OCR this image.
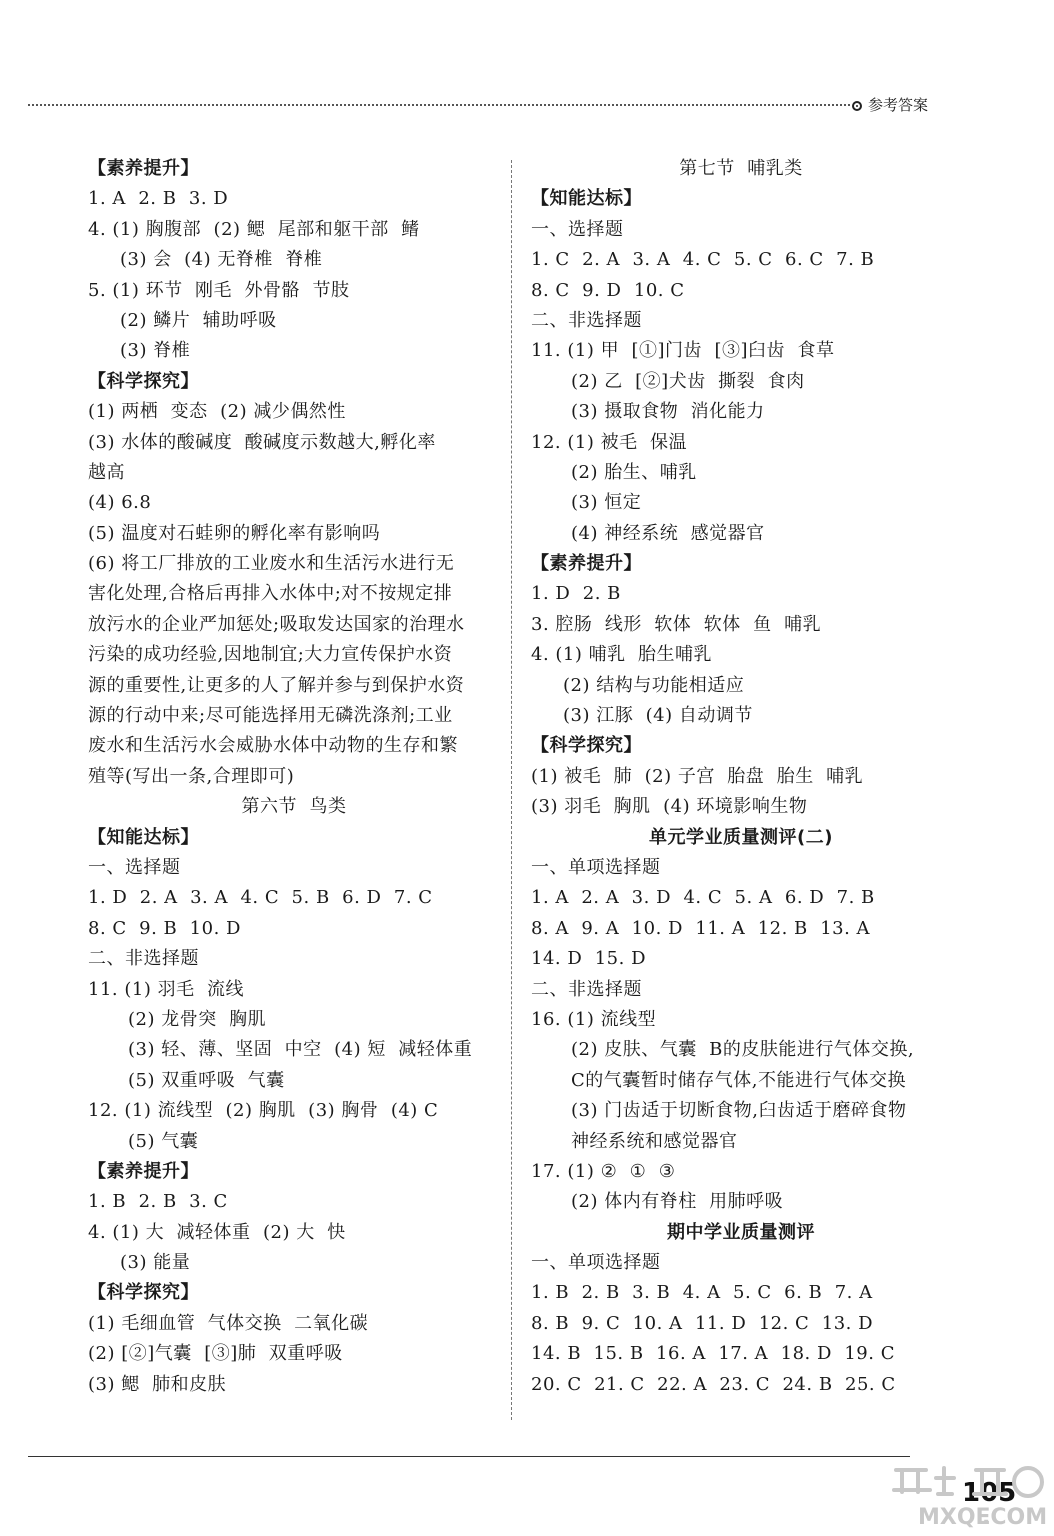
参考答案
【素养提升】
1. A  2. B  3. D
4. (1) 胸腹部  (2) 鳃  尾部和躯干部  鳍
(3) 会  (4) 无脊椎  脊椎
5. (1) 环节  刚毛  外骨骼  节肢
(2) 鳞片  辅助呼吸
(3) 脊椎
【科学探究】
(1) 两栖  变态  (2) 减少偶然性
(3) 水体的酸碱度  酸碱度示数越大,孵化率
越高
(4) 6.8
(5) 温度对石蛙卵的孵化率有影响吗
(6) 将工厂排放的工业废水和生活污水进行无
害化处理,合格后再排入水体中;对不按规定排
放污水的企业严加惩处;吸取发达国家的治理水
污染的成功经验,因地制宜;大力宣传保护水资
源的重要性,让更多的人了解并参与到保护水资
源的行动中来;尽可能选择用无磷洗涤剂;工业
废水和生活污水会威胁水体中动物的生存和繁
殖等(写出一条,合理即可)
第六节  鸟类
【知能达标】
一、选择题
1. D  2. A  3. A  4. C  5. B  6. D  7. C
8. C  9. B  10. D
二、非选择题
11. (1) 羽毛  流线
(2) 龙骨突  胸肌
(3) 轻、薄、坚固  中空  (4) 短  减轻体重
(5) 双重呼吸  气囊
12. (1) 流线型  (2) 胸肌  (3) 胸骨  (4) C
(5) 气囊
【素养提升】
1. B  2. B  3. C
4. (1) 大  减轻体重  (2) 大  快
(3) 能量
【科学探究】
(1) 毛细血管  气体交换  二氧化碳
(2) [②]气囊  [③]肺  双重呼吸
(3) 鳃  肺和皮肤
第七节  哺乳类
【知能达标】
一、选择题
1. C  2. A  3. A  4. C  5. C  6. C  7. B
8. C  9. D  10. C
二、非选择题
11. (1) 甲  [①]门齿  [③]臼齿  食草
(2) 乙  [②]犬齿  撕裂  食肉
(3) 摄取食物  消化能力
12. (1) 被毛  保温
(2) 胎生、哺乳
(3) 恒定
(4) 神经系统  感觉器官
【素养提升】
1. D  2. B
3. 腔肠  线形  软体  软体  鱼  哺乳
4. (1) 哺乳  胎生哺乳
(2) 结构与功能相适应
(3) 江豚  (4) 自动调节
【科学探究】
(1) 被毛  肺  (2) 子宫  胎盘  胎生  哺乳
(3) 羽毛  胸肌  (4) 环境影响生物
单元学业质量测评(二)
一、单项选择题
1. A  2. A  3. D  4. C  5. A  6. D  7. B
8. A  9. A  10. D  11. A  12. B  13. A
14. D  15. D
二、非选择题
16. (1) 流线型
(2) 皮肤、气囊  B的皮肤能进行气体交换,
C的气囊暂时储存气体,不能进行气体交换
(3) 门齿适于切断食物,臼齿适于磨碎食物
神经系统和感觉器官
17. (1) ②  ①  ③
(2) 体内有脊柱  用肺呼吸
期中学业质量测评
一、单项选择题
1. B  2. B  3. B  4. A  5. C  6. B  7. A
8. B  9. C  10. A  11. D  12. C  13. D
14. B  15. B  16. A  17. A  18. D  19. C
20. C  21. C  22. A  23. C  24. B  25. C
105
MXQE
.COM
